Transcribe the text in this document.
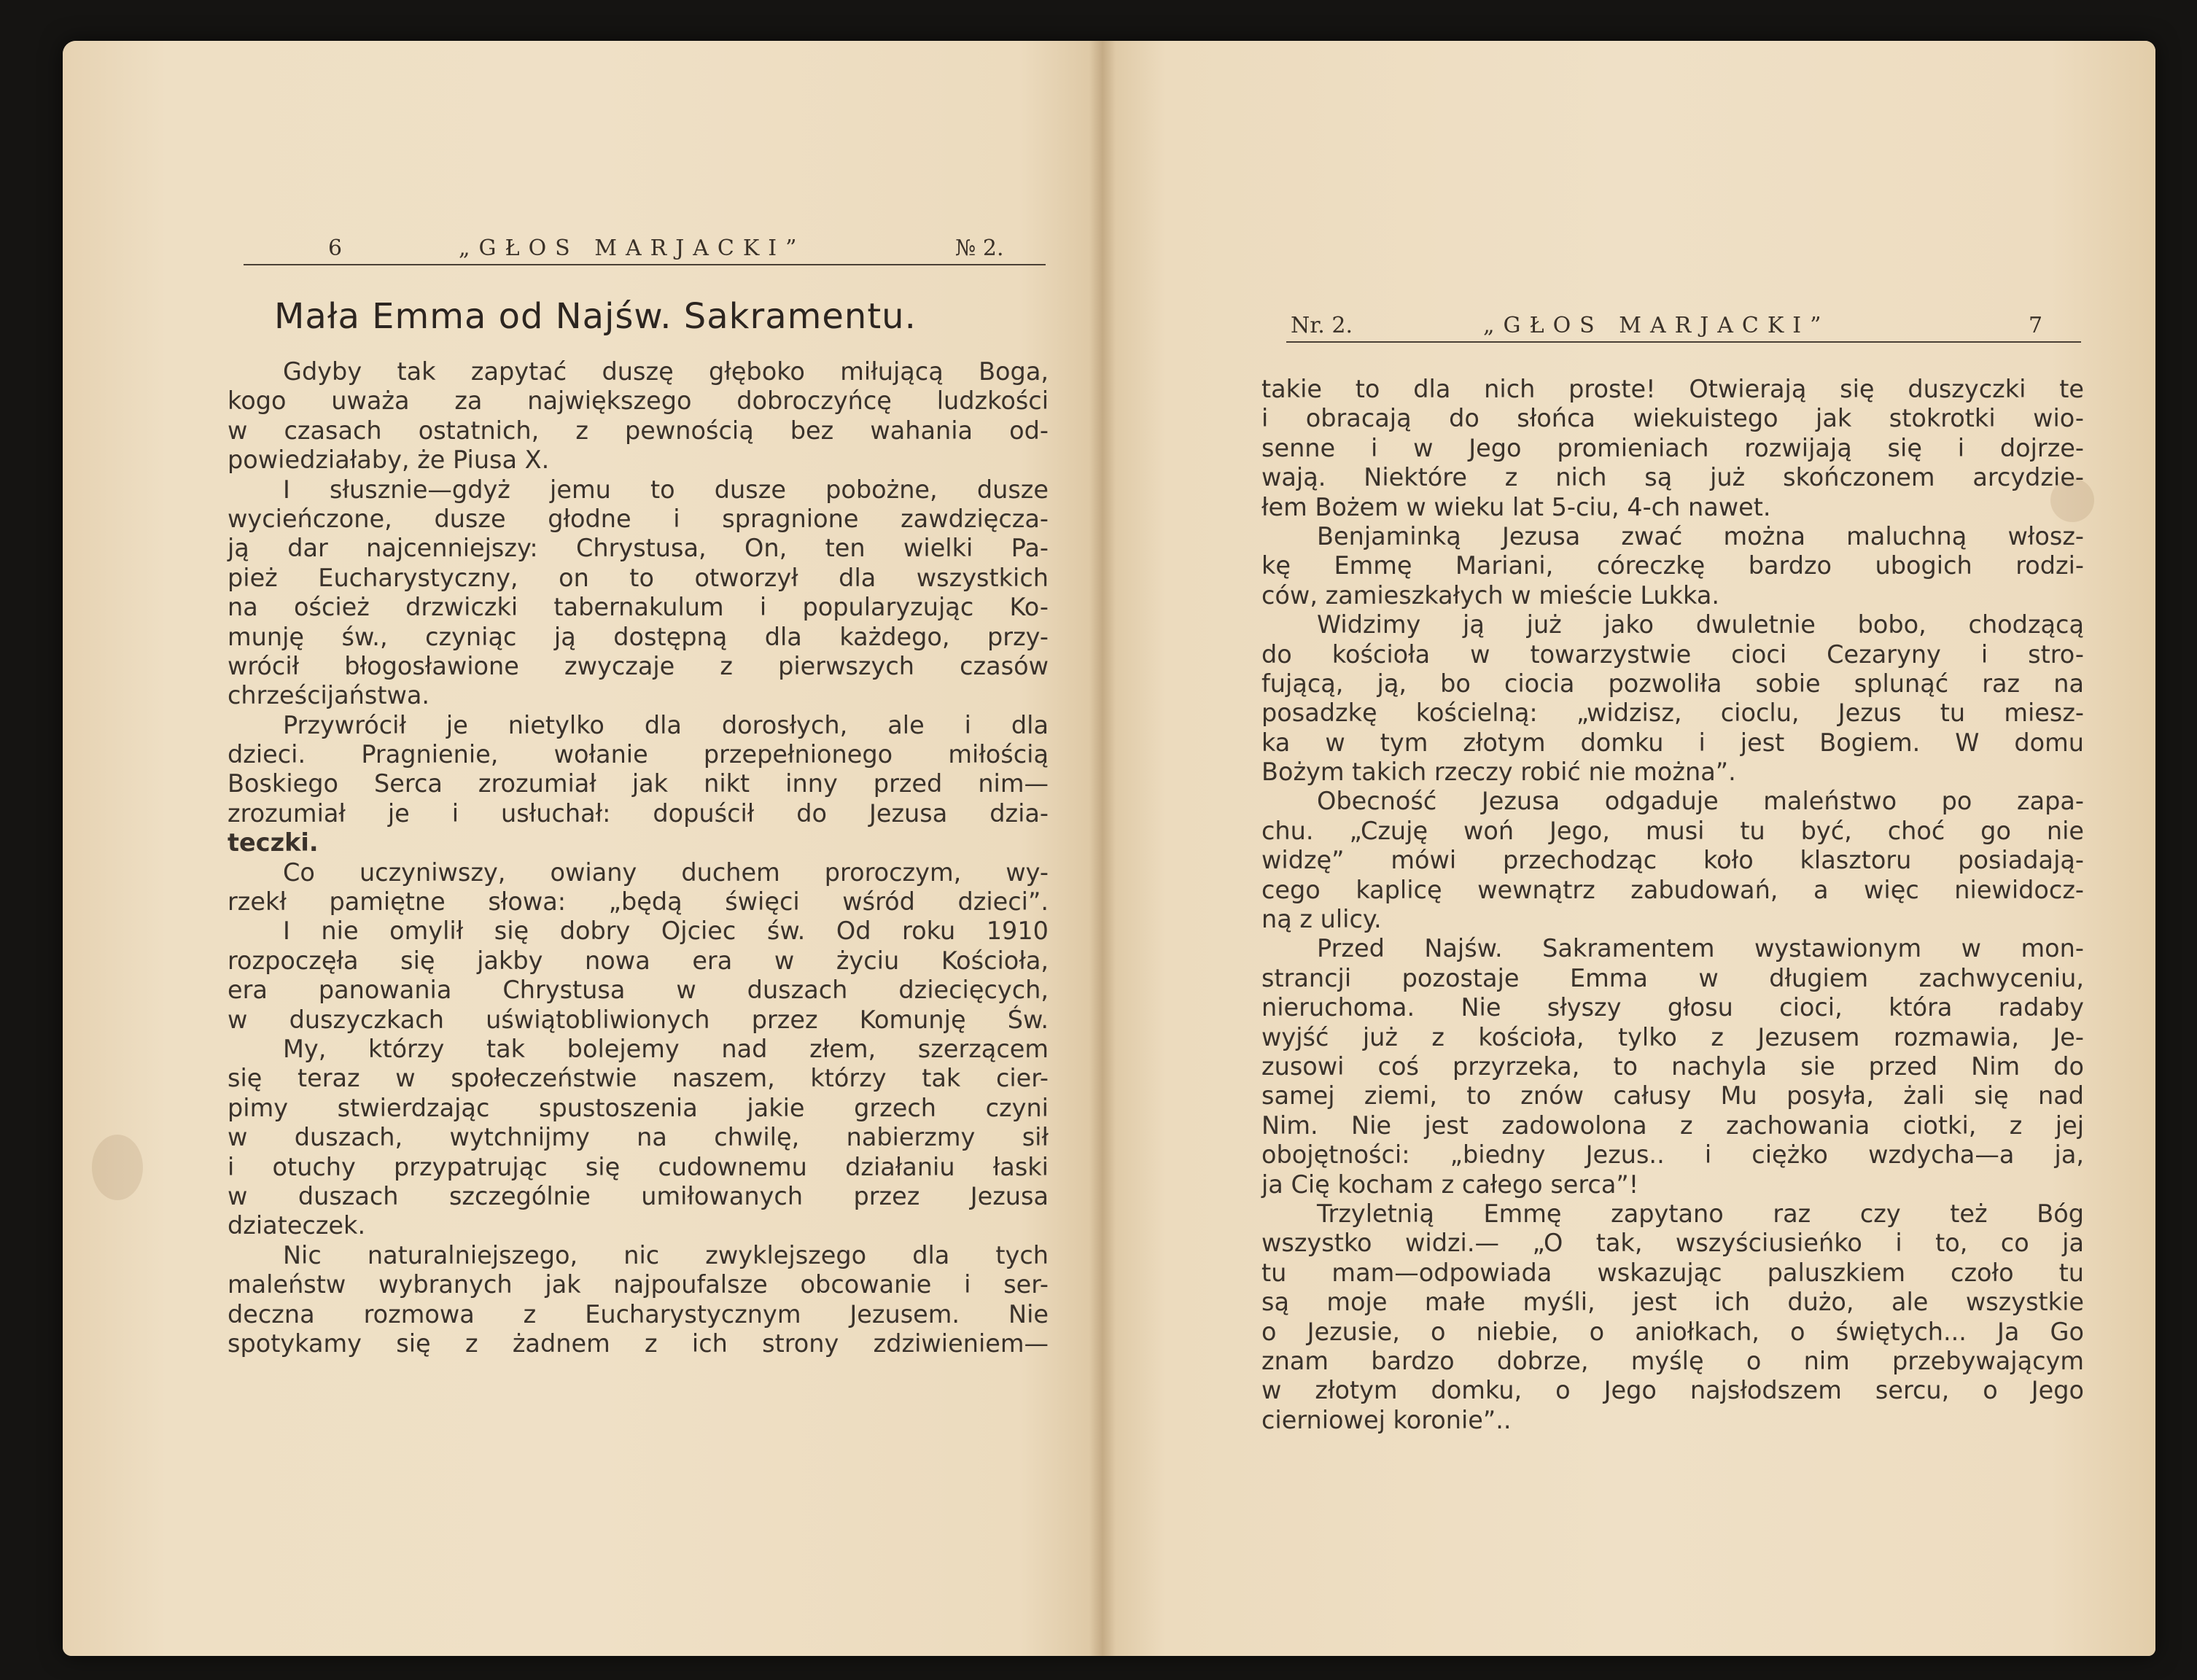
6	„GŁOS MARJACKI”	№ 2.
Mała Emma od Najśw. Sakramentu.
Gdyby tak zapytać duszę głęboko miłującą Boga,
kogo uważa za największego dobroczyńcę ludzkości
w czasach ostatnich, z pewnością bez wahania od-
powiedziałaby, że Piusa X.
I słusznie—gdyż jemu to dusze pobożne, dusze
wycieńczone, dusze głodne i spragnione zawdzięcza-
ją dar najcenniejszy: Chrystusa, On, ten wielki Pa-
pież Eucharystyczny, on to otworzył dla wszystkich
na oścież drzwiczki tabernakulum i popularyzując Ko-
munję św., czyniąc ją dostępną dla każdego, przy-
wrócił błogosławione zwyczaje z pierwszych czasów
chrześcijaństwa.
Przywrócił je nietylko dla dorosłych, ale i dla
dzieci. Pragnienie, wołanie przepełnionego miłością
Boskiego Serca zrozumiał jak nikt inny przed nim—
zrozumiał je i usłuchał: dopuścił do Jezusa dzia-
teczki.
Co uczyniwszy, owiany duchem proroczym, wy-
rzekł pamiętne słowa: „będą święci wśród dzieci”.
I nie omylił się dobry Ojciec św. Od roku 1910
rozpoczęła się jakby nowa era w życiu Kościoła,
era panowania Chrystusa w duszach dziecięcych,
w duszyczkach uświątobliwionych przez Komunję Św.
My, którzy tak bolejemy nad złem, szerzącem
się teraz w społeczeństwie naszem, którzy tak cier-
pimy stwierdzając spustoszenia jakie grzech czyni
w duszach, wytchnijmy na chwilę, nabierzmy sił
i otuchy przypatrując się cudownemu działaniu łaski
w duszach szczególnie umiłowanych przez Jezusa
dziateczek.
Nic naturalniejszego, nic zwyklejszego dla tych
maleństw wybranych jak najpoufalsze obcowanie i ser-
deczna rozmowa z Eucharystycznym Jezusem. Nie
spotykamy się z żadnem z ich strony zdziwieniem—
Nr. 2.	„GŁOS MARJACKI”	7
takie to dla nich proste! Otwierają się duszyczki te
i obracają do słońca wiekuistego jak stokrotki wio-
senne i w Jego promieniach rozwijają się i dojrze-
wają. Niektóre z nich są już skończonem arcydzie-
łem Bożem w wieku lat 5-ciu, 4-ch nawet.
Benjaminką Jezusa zwać można maluchną włosz-
kę Emmę Mariani, córeczkę bardzo ubogich rodzi-
ców, zamieszkałych w mieście Lukka.
Widzimy ją już jako dwuletnie bobo, chodzącą
do kościoła w towarzystwie cioci Cezaryny i stro-
fującą, ją, bo ciocia pozwoliła sobie splunąć raz na
posadzkę kościelną: „widzisz, cioclu, Jezus tu miesz-
ka w tym złotym domku i jest Bogiem. W domu
Bożym takich rzeczy robić nie można”.
Obecność Jezusa odgaduje maleństwo po zapa-
chu. „Czuję woń Jego, musi tu być, choć go nie
widzę” mówi przechodząc koło klasztoru posiadają-
cego kaplicę wewnątrz zabudowań, a więc niewidocz-
ną z ulicy.
Przed Najśw. Sakramentem wystawionym w mon-
strancji pozostaje Emma w długiem zachwyceniu,
nieruchoma. Nie słyszy głosu cioci, która radaby
wyjść już z kościoła, tylko z Jezusem rozmawia, Je-
zusowi coś przyrzeka, to nachyla sie przed Nim do
samej ziemi, to znów całusy Mu posyła, żali się nad
Nim. Nie jest zadowolona z zachowania ciotki, z jej
obojętności: „biedny Jezus.. i ciężko wzdycha—a ja,
ja Cię kocham z całego serca”!
Trzyletnią Emmę zapytano raz czy też Bóg
wszystko widzi.— „O tak, wszyściusieńko i to, co ja
tu mam—odpowiada wskazując paluszkiem czoło tu
są moje małe myśli, jest ich dużo, ale wszystkie
o Jezusie, o niebie, o aniołkach, o świętych... Ja Go
znam bardzo dobrze, myślę o nim przebywającym
w złotym domku, o Jego najsłodszem sercu, o Jego
cierniowej koronie”..
